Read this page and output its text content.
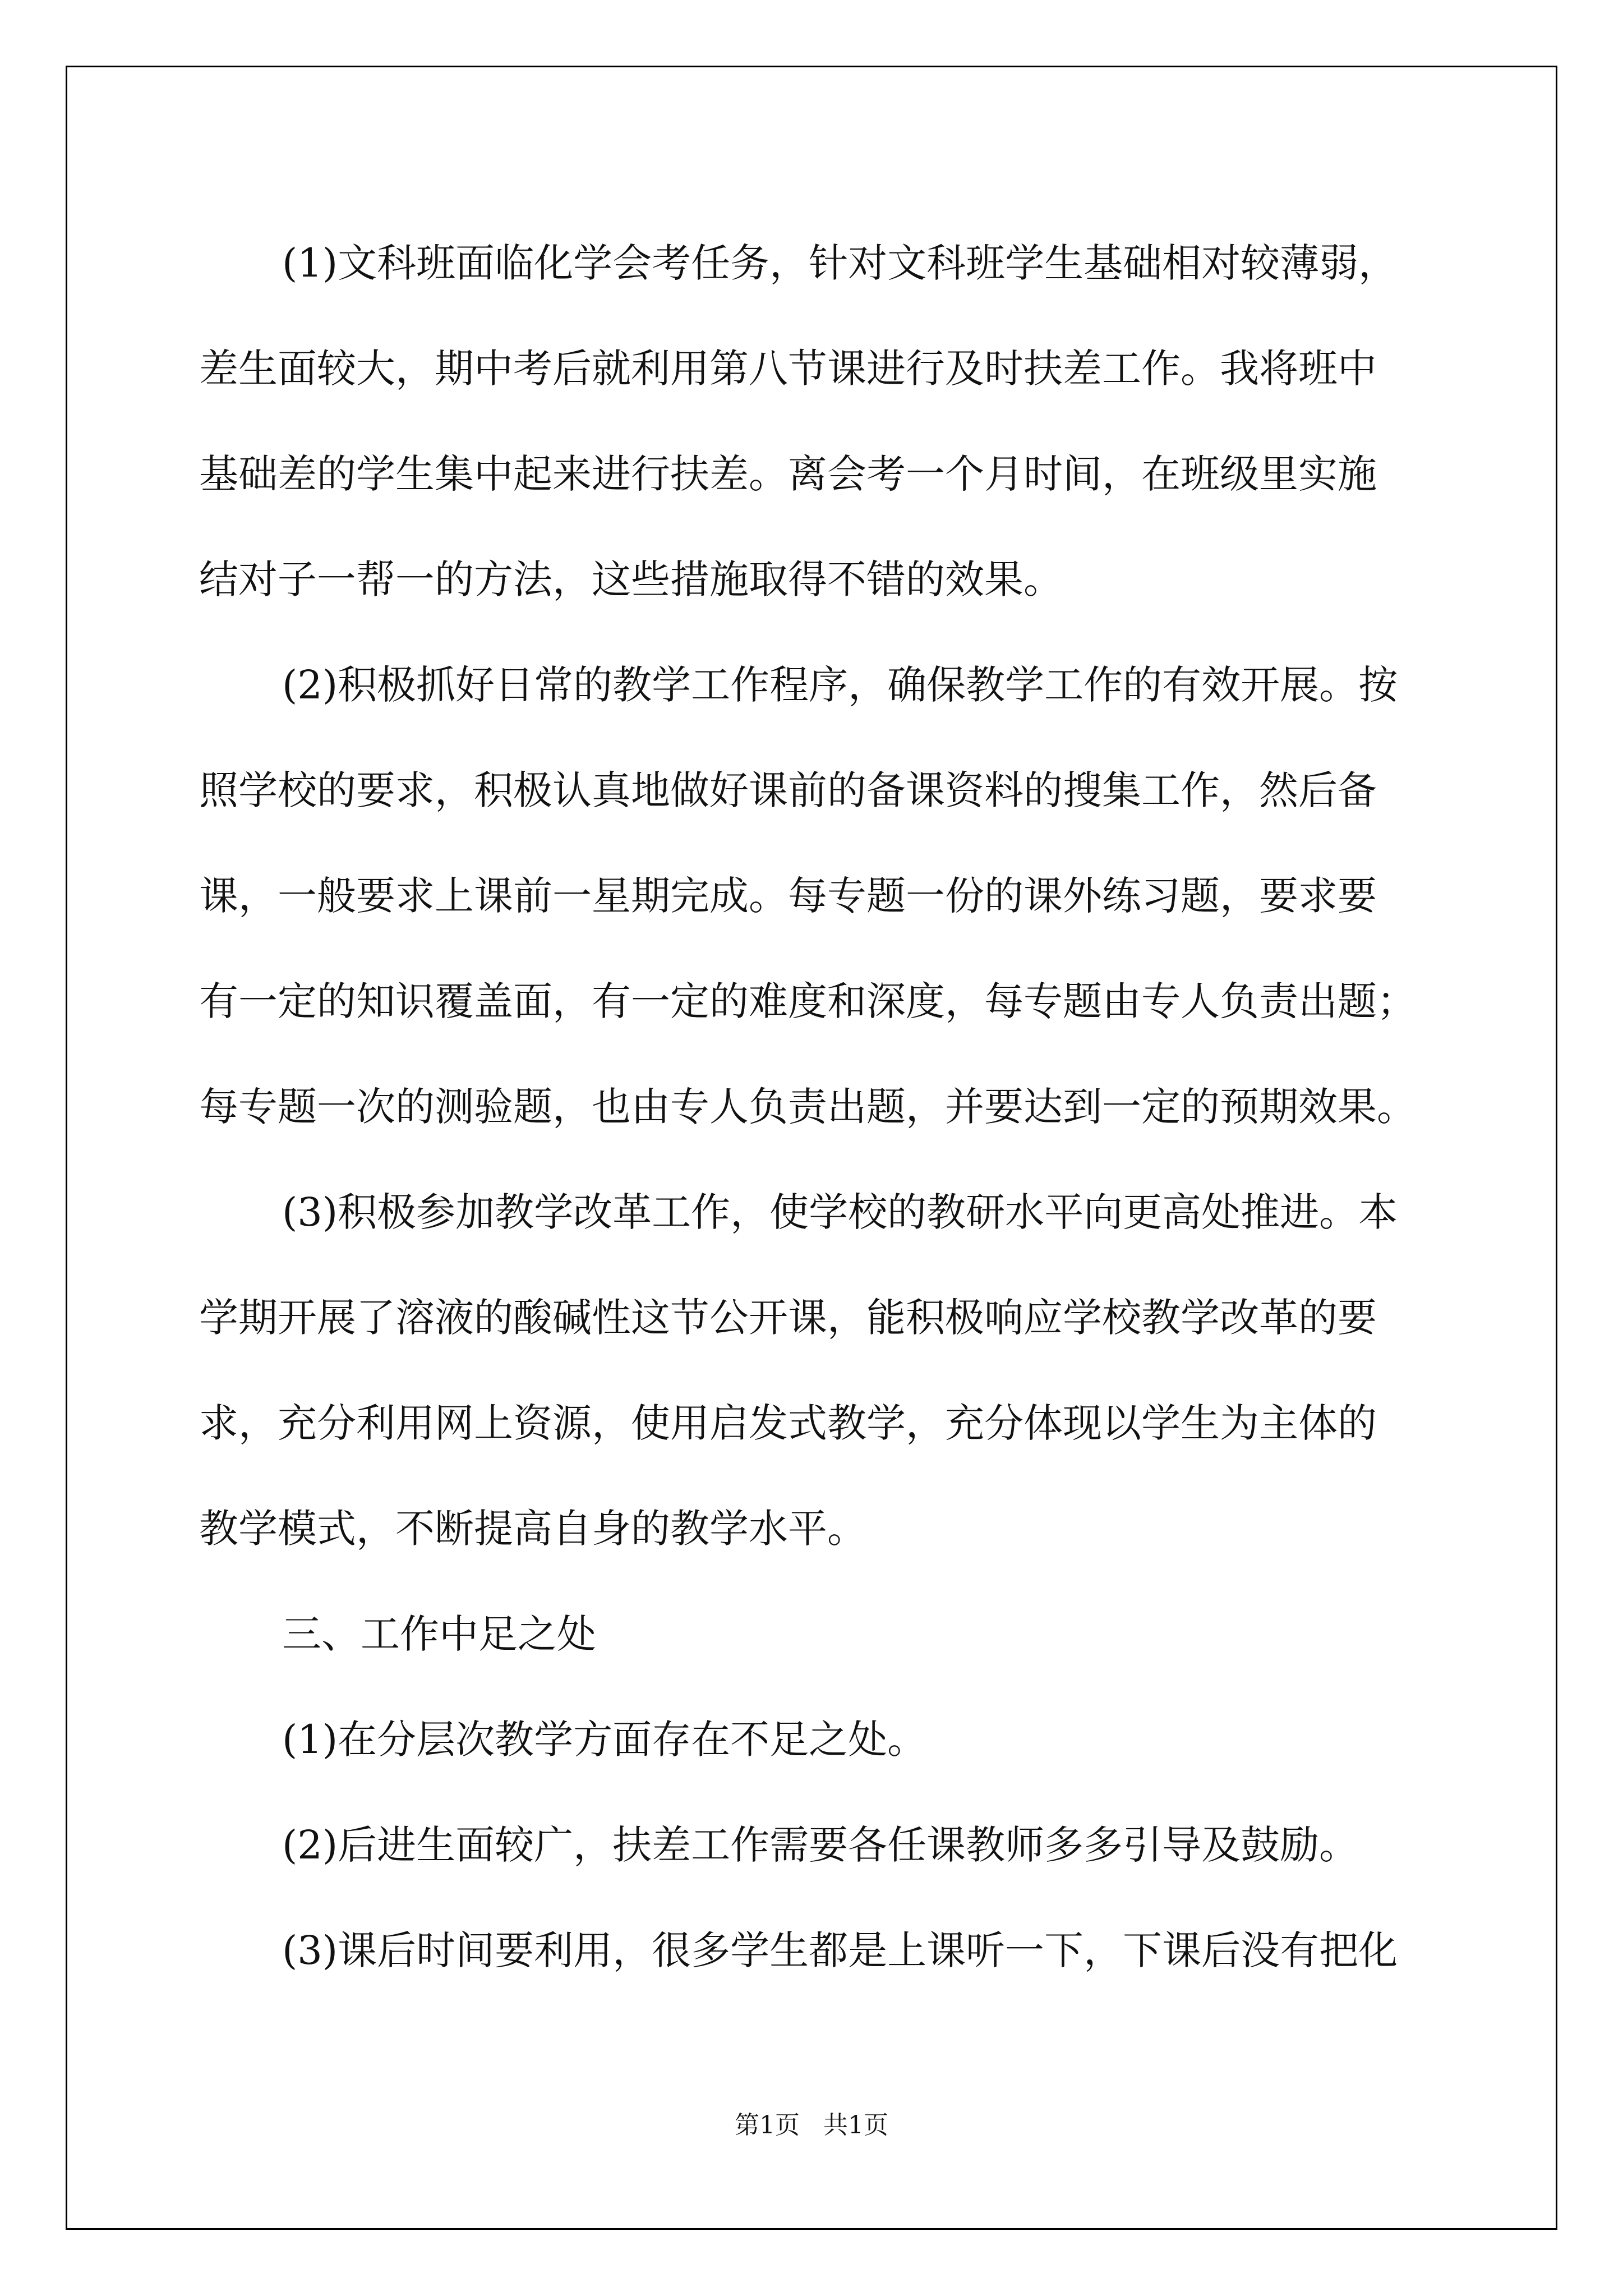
(1)文科班面临化学会考任务，针对文科班学生基础相对较薄弱，
差生面较大，期中考后就利用第八节课进行及时扶差工作。我将班中
基础差的学生集中起来进行扶差。离会考一个月时间，在班级里实施
结对子一帮一的方法，这些措施取得不错的效果。
(2)积极抓好日常的教学工作程序，确保教学工作的有效开展。按
照学校的要求，积极认真地做好课前的备课资料的搜集工作，然后备
课，一般要求上课前一星期完成。每专题一份的课外练习题，要求要
有一定的知识覆盖面，有一定的难度和深度，每专题由专人负责出题；
每专题一次的测验题，也由专人负责出题，并要达到一定的预期效果。
(3)积极参加教学改革工作，使学校的教研水平向更高处推进。本
学期开展了溶液的酸碱性这节公开课，能积极响应学校教学改革的要
求，充分利用网上资源，使用启发式教学，充分体现以学生为主体的
教学模式，不断提高自身的教学水平。
三、工作中足之处
(1)在分层次教学方面存在不足之处。
(2)后进生面较广，扶差工作需要各任课教师多多引导及鼓励。
(3)课后时间要利用，很多学生都是上课听一下，下课后没有把化
第1页   共1页
